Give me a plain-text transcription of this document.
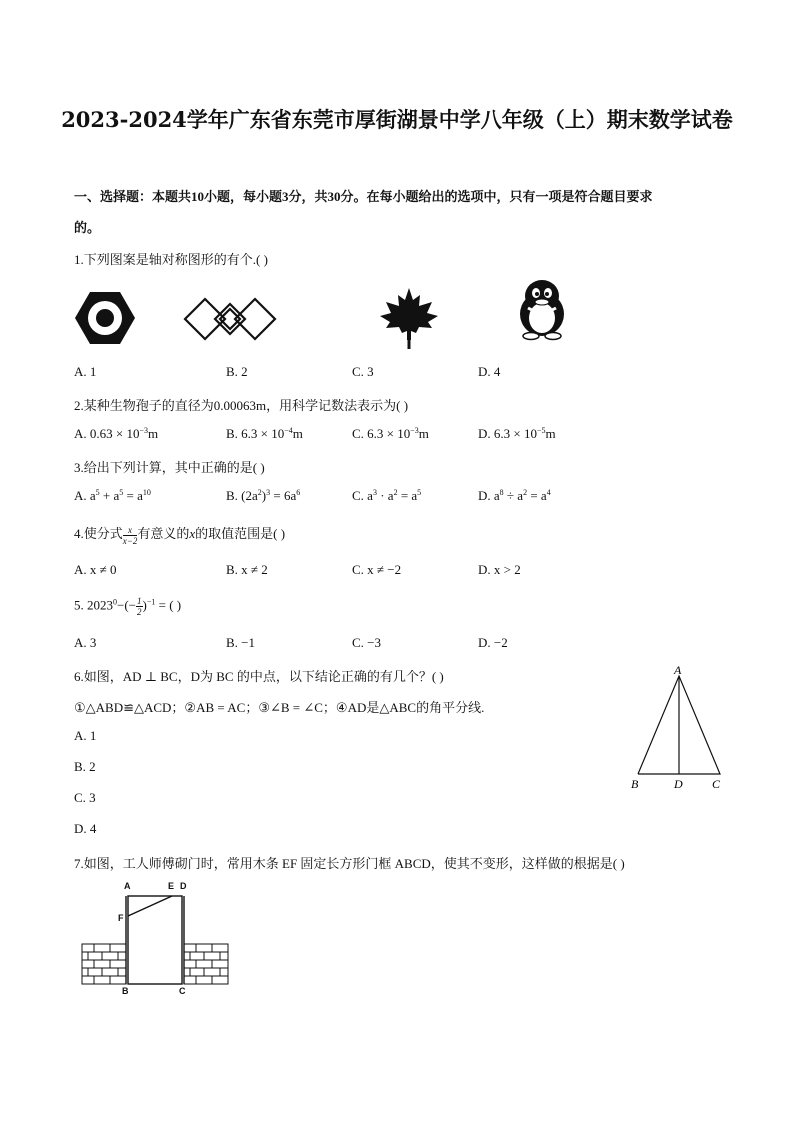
2023-2024学年广东省东莞市厚街湖景中学八年级（上）期末数学试卷
一、选择题：本题共10小题，每小题3分，共30分。在每小题给出的选项中，只有一项是符合题目要求
的。
1.下列图案是轴对称图形的有个.( )
A. 1	B. 2	C. 3	D. 4
2.某种生物孢子的直径为0.00063m，用科学记数法表示为( )
A. $0.63 \times 10^{-3}m$	B. $6.3 \times 10^{-4}m$	C. $6.3 \times 10^{-3}m$	D. $6.3 \times 10^{-5}m$
3.给出下列计算，其中正确的是( )
A. $a^5 + a^5 = a^{10}$	B. $(2a^2)^3 = 6a^6$	C. $a^3 \cdot a^2 = a^5$	D. $a^8 \div a^2 = a^4$
4.使分式 $\frac{x}{x-2}$ 有意义的x的取值范围是( )
A. x ≠ 0	B. x ≠ 2	C. x ≠ −2	D. x > 2
5. $2023^0-(- \frac{1}{2} )^{-1}$ = ( )
A. 3	B. −1	C. −3	D. −2
6.如图，AD ⊥ BC，D为 BC 的中点，以下结论正确的有几个？( )
①△ABD≌△ACD；②AB = AC；③∠B = ∠C；④AD是△ABC的角平分线.
A. 1
B. 2
C. 3
D. 4
A
B	D C
7.如图，工人师傅砌门时，常用木条 EF 固定长方形门框 ABCD，使其不变形，这样做的根据是( )
A	E D
F
B	C
